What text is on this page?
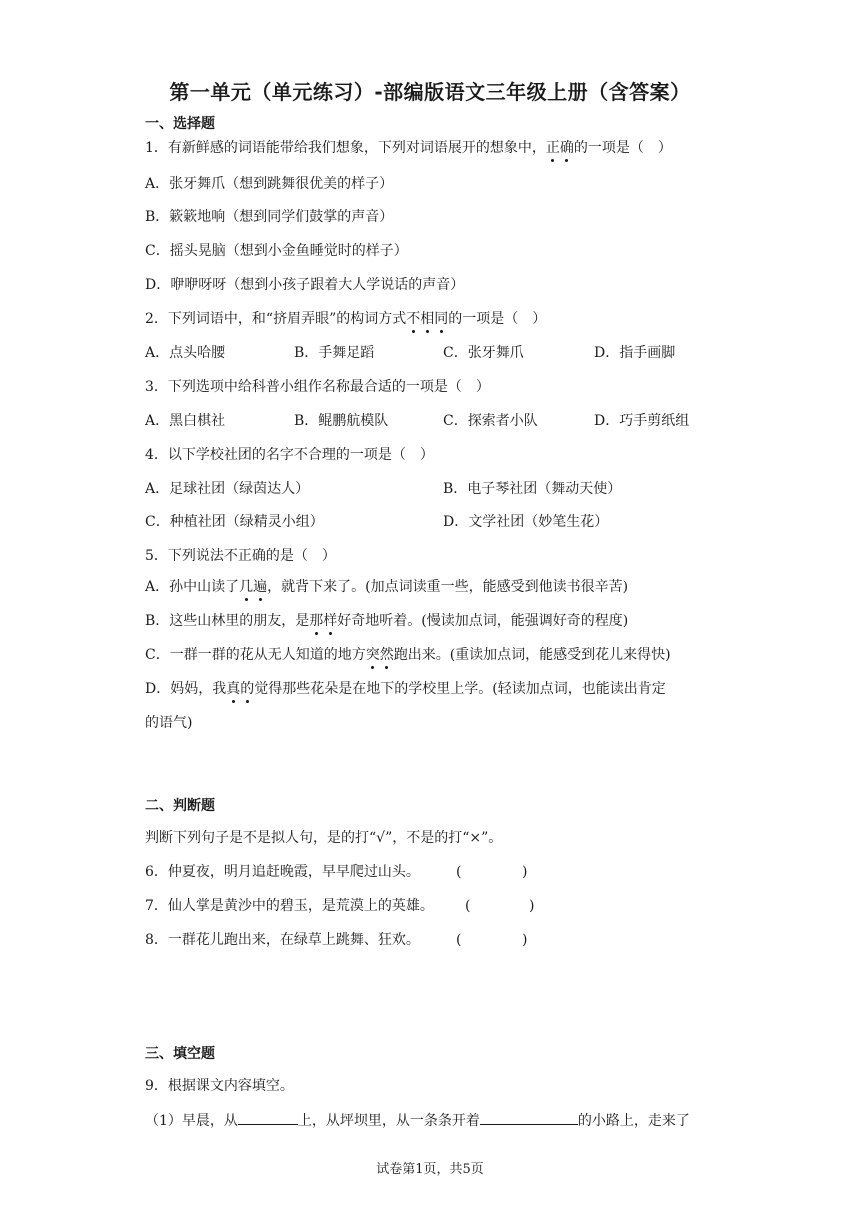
第一单元（单元练习）-部编版语文三年级上册（含答案）
一、选择题
1．有新鲜感的词语能带给我们想象，下列对词语展开的想象中，正确的一项是（　）
A．张牙舞爪（想到跳舞很优美的样子）
B．簌簌地响（想到同学们鼓掌的声音）
C．摇头晃脑（想到小金鱼睡觉时的样子）
D．咿咿呀呀（想到小孩子跟着大人学说话的声音）
2．下列词语中，和“挤眉弄眼”的构词方式不相同的一项是（　）
A．点头哈腰	B．手舞足蹈	C．张牙舞爪	D．指手画脚
3．下列选项中给科普小组作名称最合适的一项是（　）
A．黑白棋社	B．鲲鹏航模队	C．探索者小队	D．巧手剪纸组
4．以下学校社团的名字不合理的一项是（　）
A．足球社团（绿茵达人）	B．电子琴社团（舞动天使）
C．种植社团（绿精灵小组）	D．文学社团（妙笔生花）
5．下列说法不正确的是（　）
A．孙中山读了几遍，就背下来了。(加点词读重一些，能感受到他读书很辛苦)
B．这些山林里的朋友，是那样好奇地听着。(慢读加点词，能强调好奇的程度)
C．一群一群的花从无人知道的地方突然跑出来。(重读加点词，能感受到花儿来得快)
D．妈妈，我真的觉得那些花朵是在地下的学校里上学。(轻读加点词，也能读出肯定
的语气)
二、判断题
判断下列句子是不是拟人句，是的打“√”，不是的打“×”。
6．仲夏夜，明月追赶晚霞，早早爬过山头。	(	)
7．仙人掌是黄沙中的碧玉，是荒漠上的英雄。 (	)
8．一群花儿跑出来，在绿草上跳舞、狂欢。	(	)
三、填空题
9．根据课文内容填空。
（1）早晨，从	上，从坪坝里，从一条条开着	的小路上，走来了
试卷第1页，共5页
